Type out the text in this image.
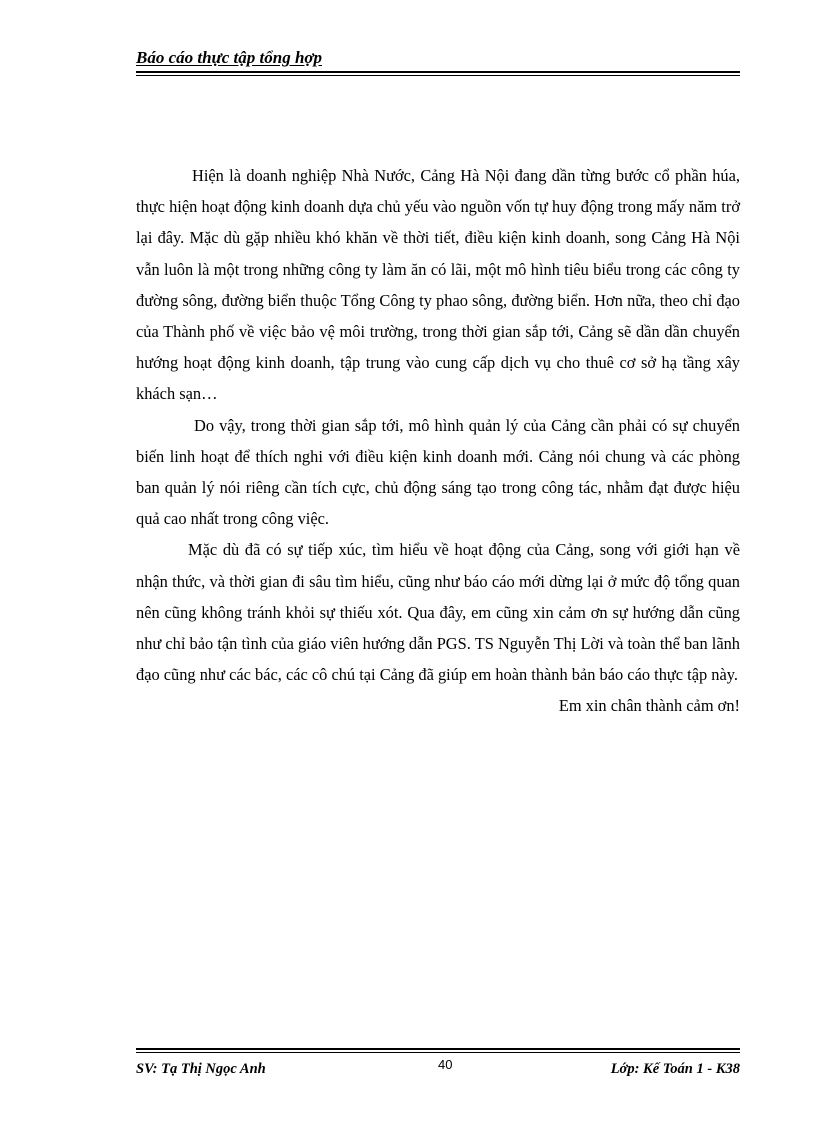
Báo cáo thực tập tổng hợp

Hiện là doanh nghiệp Nhà Nước, Cảng Hà Nội đang dần từng bước cổ phần húa, thực hiện hoạt động kinh doanh dựa chủ yếu vào nguồn vốn tự huy động trong mấy năm trở lại đây. Mặc dù gặp nhiều khó khăn về thời tiết, điều kiện kinh doanh, song Cảng Hà Nội vẫn luôn là một trong những công ty làm ăn có lãi, một mô hình tiêu biểu trong các công ty đường sông, đường biển thuộc Tổng Công ty phao sông, đường biển. Hơn nữa, theo chỉ đạo của Thành phố về việc bảo vệ môi trường, trong thời gian sắp tới, Cảng sẽ dần dần chuyển hướng hoạt động kinh doanh, tập trung vào cung cấp dịch vụ cho thuê cơ sở hạ tầng xây khách sạn…

Do vậy, trong thời gian sắp tới, mô hình quản lý của Cảng cần phải có sự chuyển biến linh hoạt để thích nghi với điều kiện kinh doanh mới. Cảng nói chung và các phòng ban quản lý nói riêng cần tích cực, chủ động sáng tạo trong công tác, nhằm đạt được hiệu quả cao nhất trong công việc.

Mặc dù đã có sự tiếp xúc, tìm hiểu về hoạt động của Cảng, song với giới hạn về nhận thức, và thời gian đi sâu tìm hiểu, cũng như báo cáo mới dừng lại ở mức độ tổng quan nên cũng không tránh khỏi sự thiếu xót. Qua đây, em cũng xin cảm ơn sự hướng dẫn cũng như chỉ bảo tận tình của giáo viên hướng dẫn PGS. TS Nguyễn Thị Lời và toàn thể ban lãnh đạo cũng như các bác, các cô chú tại Cảng đã giúp em hoàn thành bản báo cáo thực tập này.

Em xin chân thành cảm ơn!

SV: Tạ Thị Ngọc Anh	40	Lớp: Kế Toán 1 - K38
